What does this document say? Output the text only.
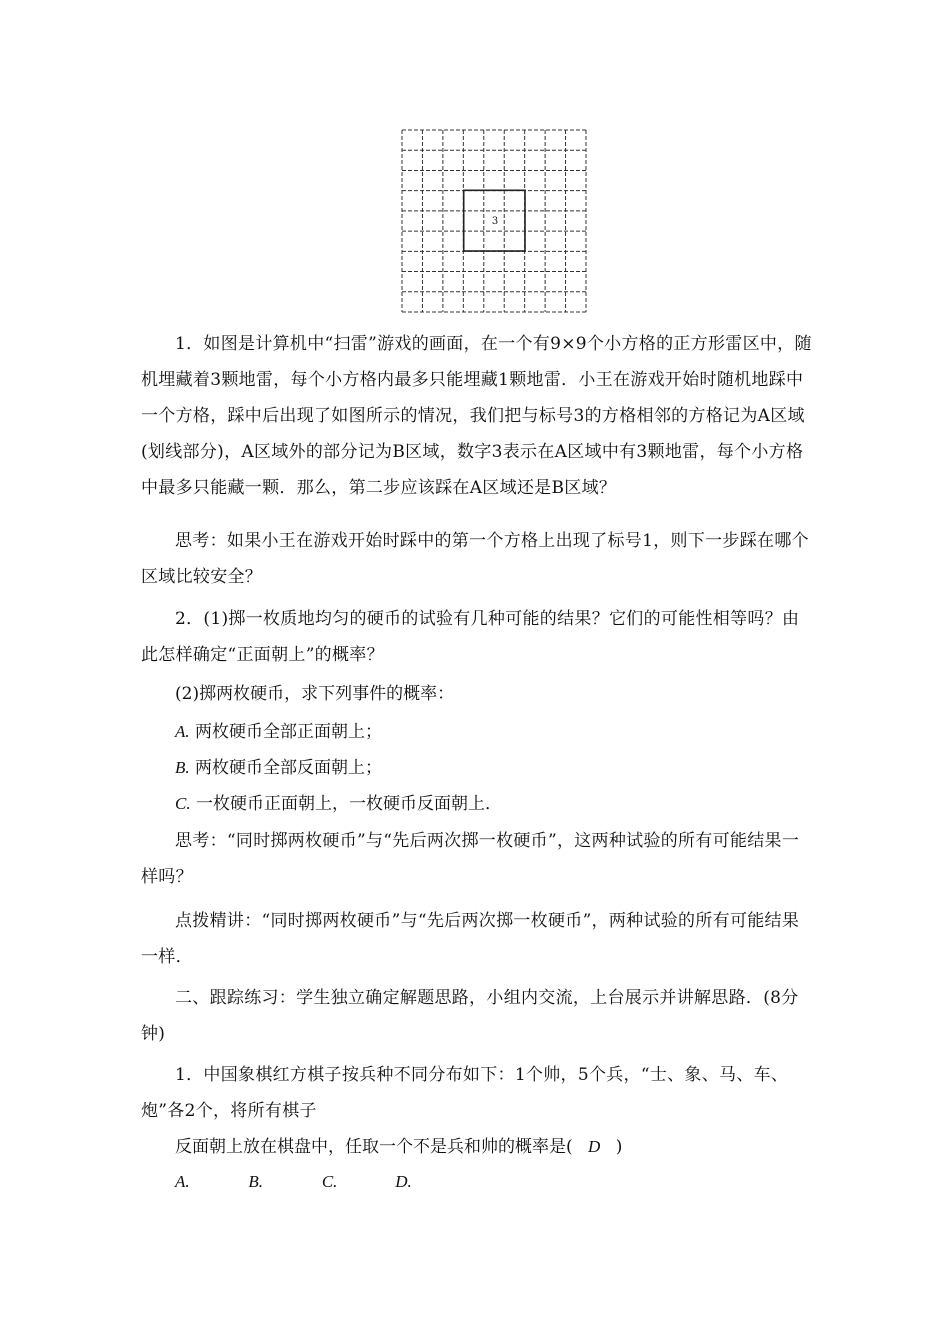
3

1．如图是计算机中“扫雷”游戏的画面，在一个有9×9个小方格的正方形雷区中，随机埋藏着3颗地雷，每个小方格内最多只能埋藏1颗地雷．小王在游戏开始时随机地踩中一个方格，踩中后出现了如图所示的情况，我们把与标号3的方格相邻的方格记为A区域(划线部分)，A区域外的部分记为B区域，数字3表示在A区域中有3颗地雷，每个小方格中最多只能藏一颗．那么，第二步应该踩在A区域还是B区域？

思考：如果小王在游戏开始时踩中的第一个方格上出现了标号1，则下一步踩在哪个区域比较安全？

2．(1)掷一枚质地均匀的硬币的试验有几种可能的结果？它们的可能性相等吗？由此怎样确定“正面朝上”的概率？

(2)掷两枚硬币，求下列事件的概率：
A. 两枚硬币全部正面朝上；
B. 两枚硬币全部反面朝上；
C. 一枚硬币正面朝上，一枚硬币反面朝上．

思考：“同时掷两枚硬币”与“先后两次掷一枚硬币”，这两种试验的所有可能结果一样吗？

点拨精讲：“同时掷两枚硬币”与“先后两次掷一枚硬币”，两种试验的所有可能结果一样．

二、跟踪练习：学生独立确定解题思路，小组内交流，上台展示并讲解思路．(8分钟)

1．中国象棋红方棋子按兵种不同分布如下：1个帅，5个兵，“士、象、马、车、炮”各2个，将所有棋子

反面朝上放在棋盘中，任取一个不是兵和帅的概率是( D )
A.	B.	C.	D.
